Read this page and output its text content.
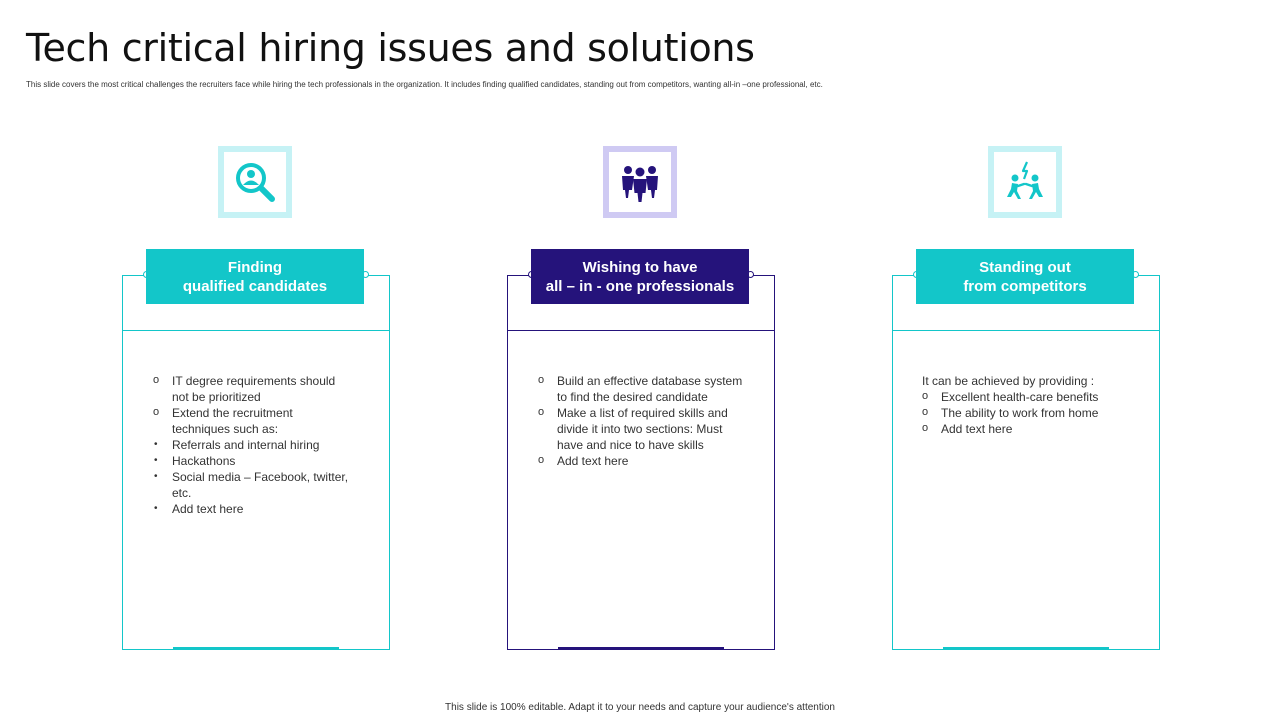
Tech critical hiring issues and solutions

This slide covers the most critical challenges the recruiters face while hiring the tech professionals in the organization. It includes finding qualified candidates, standing out from competitors, wanting all-in –one professional, etc.

Finding
qualified candidates
o IT degree requirements should not be prioritized
o Extend the recruitment techniques such as:
• Referrals and internal hiring
• Hackathons
• Social media – Facebook, twitter, etc.
• Add text here
Wishing to have
all – in - one professionals
o Build an effective database system to find the desired candidate
o Make a list of required skills and divide it into two sections: Must have and nice to have skills
o Add text here
Standing out
from competitors

It can be achieved by providing :

o Excellent health-care benefits
o The ability to work from home
o Add text here
This slide is 100% editable. Adapt it to your needs and capture your audience's attention
